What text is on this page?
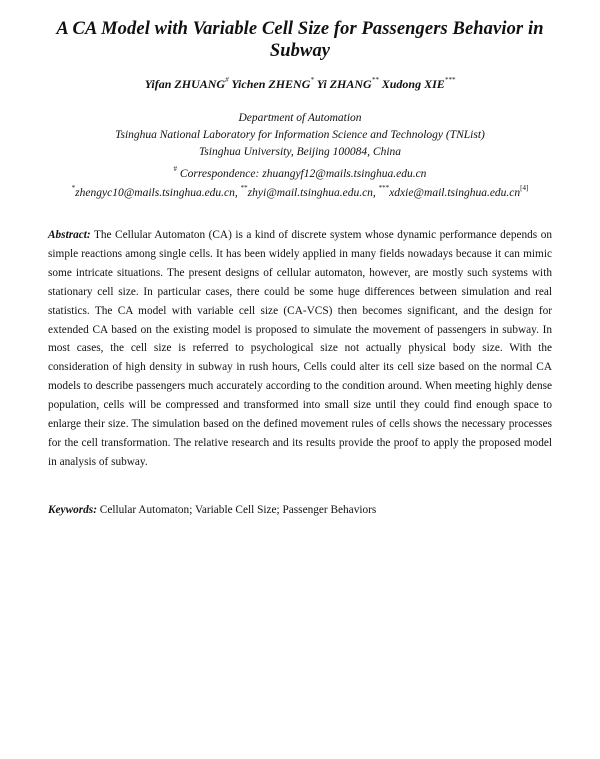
A CA Model with Variable Cell Size for Passengers Behavior in Subway
Yifan ZHUANG# Yichen ZHENG* Yi ZHANG** Xudong XIE***
Department of Automation
Tsinghua National Laboratory for Information Science and Technology (TNList)
Tsinghua University, Beijing 100084, China
# Correspondence: zhuangyf12@mails.tsinghua.edu.cn
*zhengyc10@mails.tsinghua.edu.cn, **zhyi@mail.tsinghua.edu.cn, ***xdxie@mail.tsinghua.edu.cn[4]
Abstract: The Cellular Automaton (CA) is a kind of discrete system whose dynamic performance depends on simple reactions among single cells. It has been widely applied in many fields nowadays because it can mimic some intricate situations. The present designs of cellular automaton, however, are mostly such systems with stationary cell size. In particular cases, there could be some huge differences between simulation and real statistics. The CA model with variable cell size (CA-VCS) then becomes significant, and the design for extended CA based on the existing model is proposed to simulate the movement of passengers in subway. In most cases, the cell size is referred to psychological size not actually physical body size. With the consideration of high density in subway in rush hours, Cells could alter its cell size based on the normal CA models to describe passengers much accurately according to the condition around. When meeting highly dense population, cells will be compressed and transformed into small size until they could find enough space to enlarge their size. The simulation based on the defined movement rules of cells shows the necessary processes for the cell transformation. The relative research and its results provide the proof to apply the proposed model in analysis of subway.
Keywords: Cellular Automaton; Variable Cell Size; Passenger Behaviors
